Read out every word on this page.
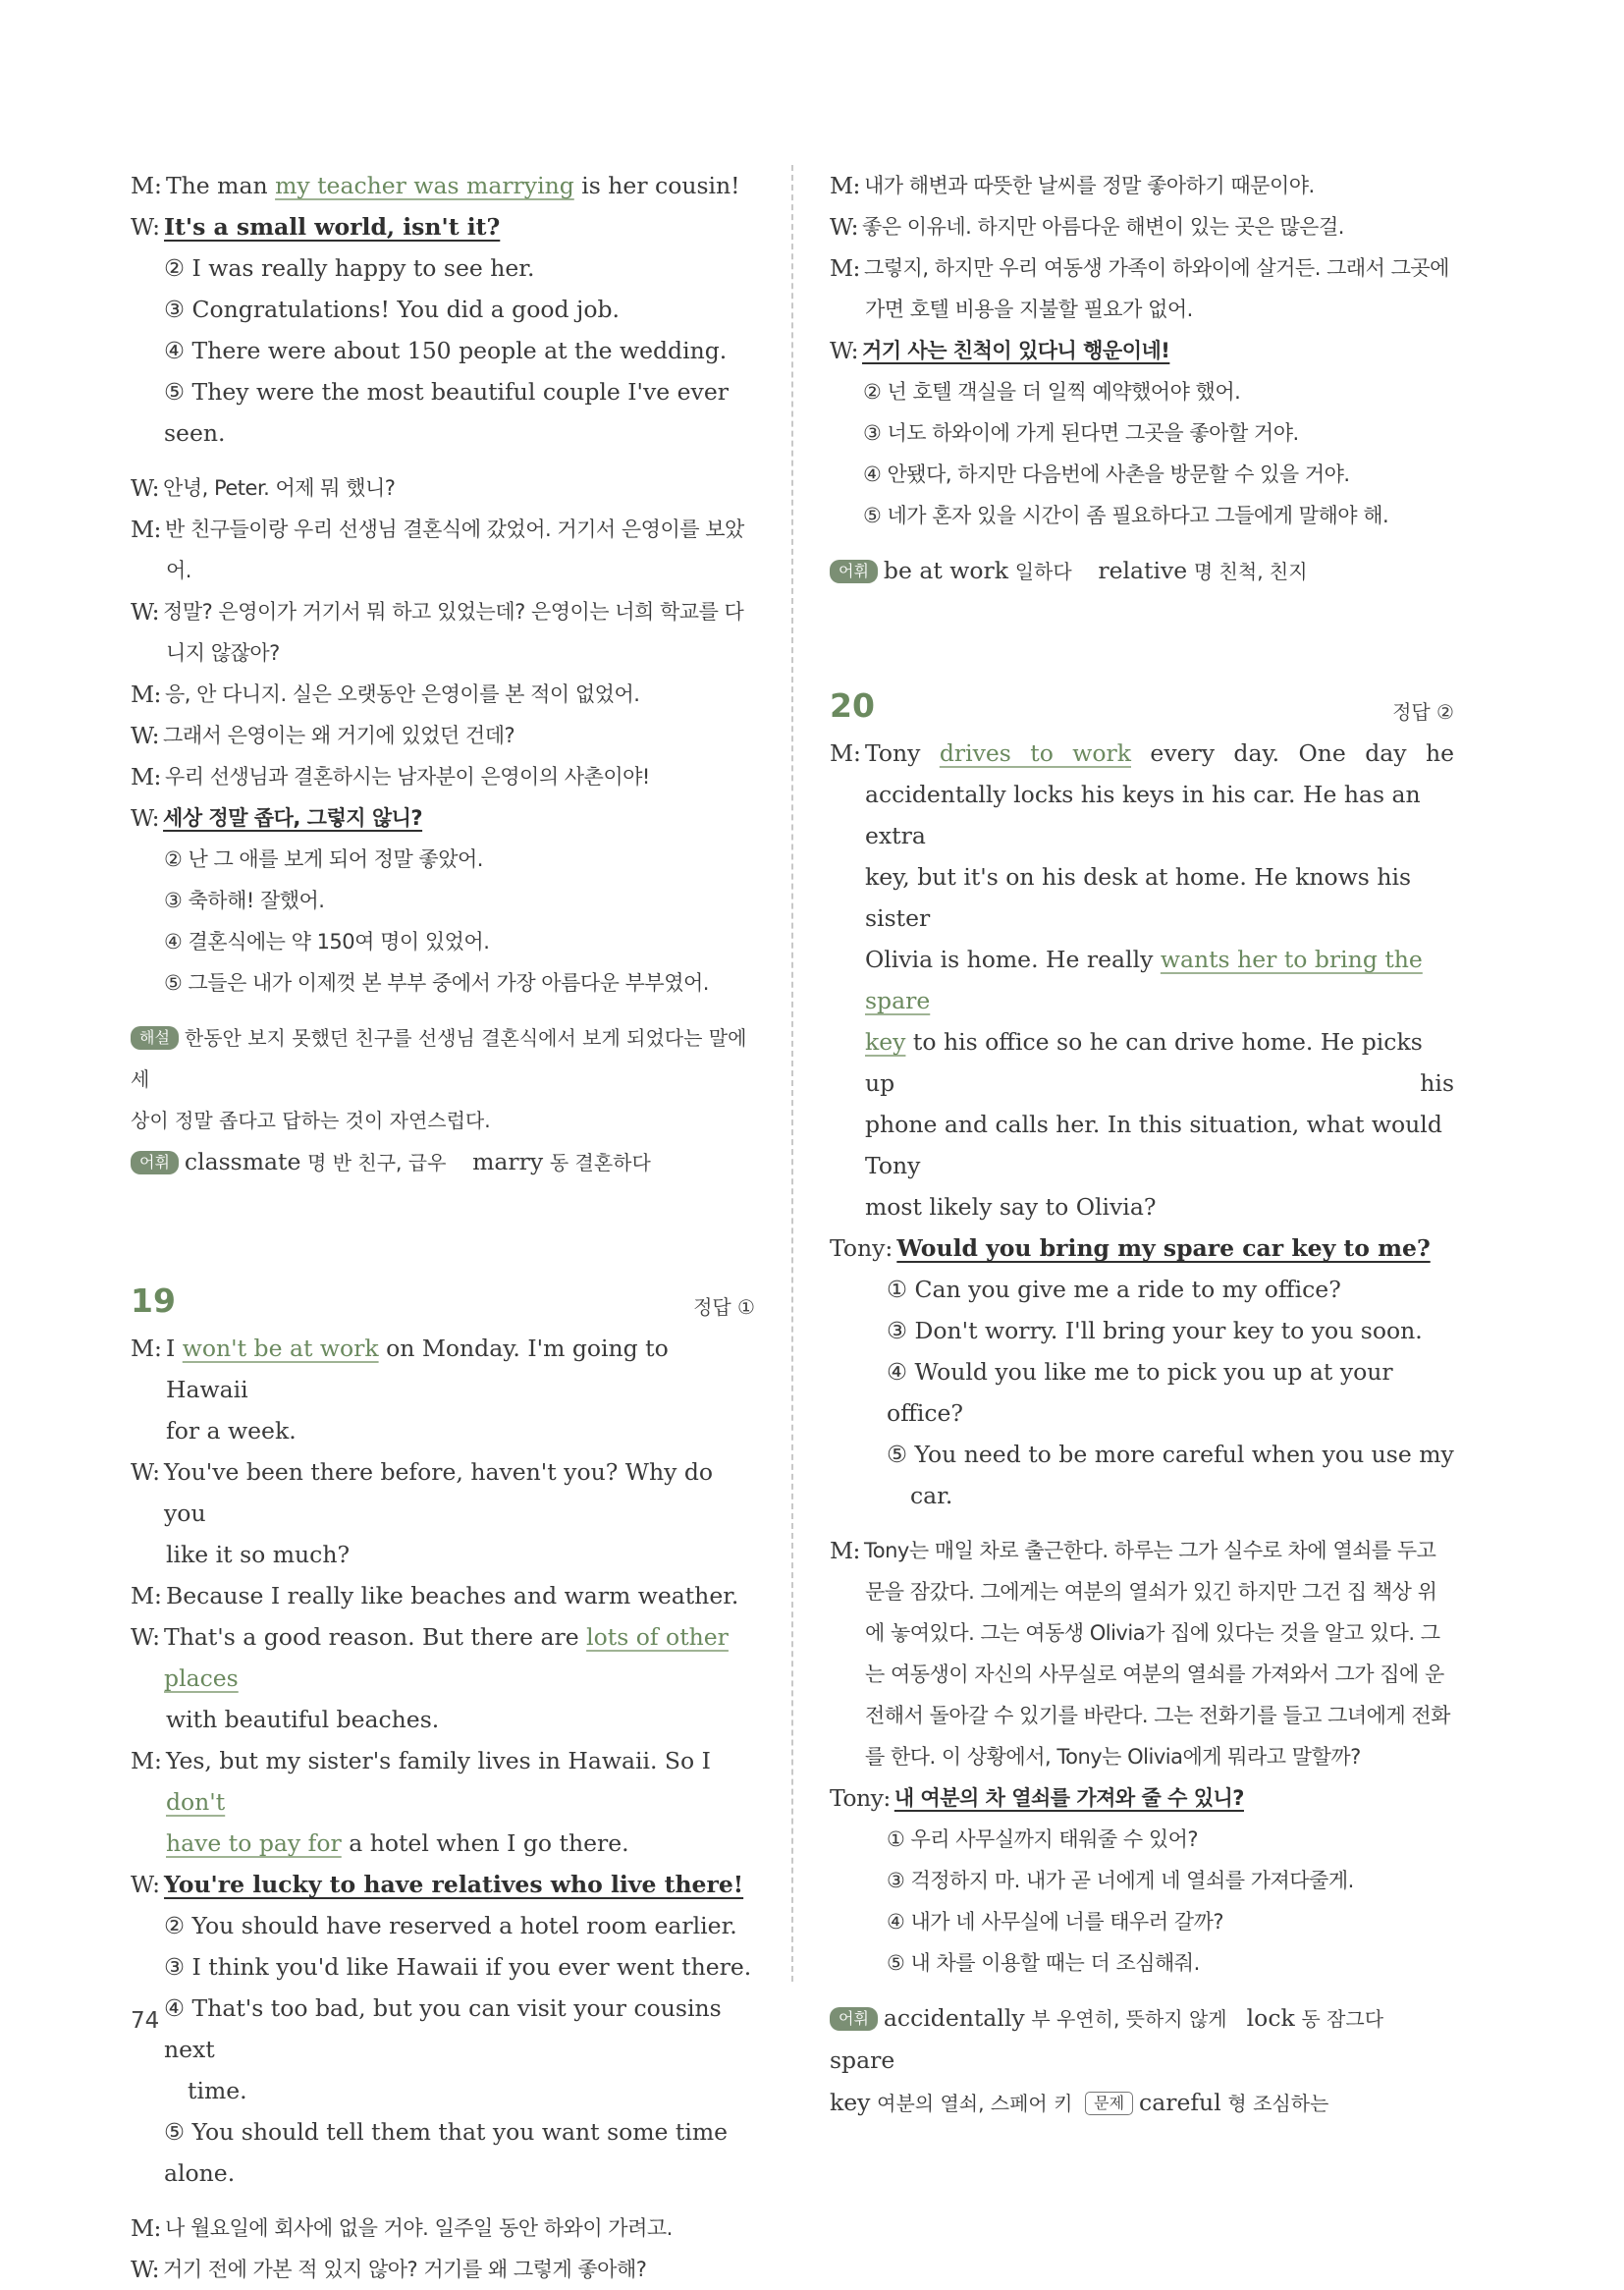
M: The man my teacher was marrying is her cousin!
W: It's a small world, isn't it?
② I was really happy to see her.
③ Congratulations! You did a good job.
④ There were about 150 people at the wedding.
⑤ They were the most beautiful couple I've ever seen.
W: 안녕, Peter. 어제 뭐 했니?
M: 반 친구들이랑 우리 선생님 결혼식에 갔었어. 거기서 은영이를 보았
어.
W: 정말? 은영이가 거기서 뭐 하고 있었는데? 은영이는 너희 학교를 다
니지 않잖아?
M: 응, 안 다니지. 실은 오랫동안 은영이를 본 적이 없었어.
W: 그래서 은영이는 왜 거기에 있었던 건데?
M: 우리 선생님과 결혼하시는 남자분이 은영이의 사촌이야!
W: 세상 정말 좁다, 그렇지 않니?
② 난 그 애를 보게 되어 정말 좋았어.
③ 축하해! 잘했어.
④ 결혼식에는 약 150여 명이 있었어.
⑤ 그들은 내가 이제껏 본 부부 중에서 가장 아름다운 부부였어.
해설 한동안 보지 못했던 친구를 선생님 결혼식에서 보게 되었다는 말에 세
상이 정말 좁다고 답하는 것이 자연스럽다.
어휘 classmate 명 반 친구, 급우 marry 동 결혼하다
19	정답 ①
M: I won't be at work on Monday. I'm going to Hawaii
for a week.
W: You've been there before, haven't you? Why do you
like it so much?
M: Because I really like beaches and warm weather.
W: That's a good reason. But there are lots of other places
with beautiful beaches.
M: Yes, but my sister's family lives in Hawaii. So I don't
have to pay for a hotel when I go there.
W: You're lucky to have relatives who live there!
② You should have reserved a hotel room earlier.
③ I think you'd like Hawaii if you ever went there.
④ That's too bad, but you can visit your cousins next
time.
⑤ You should tell them that you want some time alone.
M: 나 월요일에 회사에 없을 거야. 일주일 동안 하와이 가려고.
W: 거기 전에 가본 적 있지 않아? 거기를 왜 그렇게 좋아해?
M: 내가 해변과 따뜻한 날씨를 정말 좋아하기 때문이야.
W: 좋은 이유네. 하지만 아름다운 해변이 있는 곳은 많은걸.
M: 그렇지, 하지만 우리 여동생 가족이 하와이에 살거든. 그래서 그곳에
가면 호텔 비용을 지불할 필요가 없어.
W: 거기 사는 친척이 있다니 행운이네!
② 넌 호텔 객실을 더 일찍 예약했어야 했어.
③ 너도 하와이에 가게 된다면 그곳을 좋아할 거야.
④ 안됐다, 하지만 다음번에 사촌을 방문할 수 있을 거야.
⑤ 네가 혼자 있을 시간이 좀 필요하다고 그들에게 말해야 해.
어휘 be at work 일하다 relative 명 친척, 친지
20	정답 ②
M: Tony drives to work every day. One day he
accidentally locks his keys in his car. He has an extra
key, but it's on his desk at home. He knows his sister
Olivia is home. He really wants her to bring the spare
key to his office so he can drive home. He picks up his
phone and calls her. In this situation, what would Tony
most likely say to Olivia?
Tony: Would you bring my spare car key to me?
① Can you give me a ride to my office?
③ Don't worry. I'll bring your key to you soon.
④ Would you like me to pick you up at your office?
⑤ You need to be more careful when you use my
car.
M: Tony는 매일 차로 출근한다. 하루는 그가 실수로 차에 열쇠를 두고
문을 잠갔다. 그에게는 여분의 열쇠가 있긴 하지만 그건 집 책상 위
에 놓여있다. 그는 여동생 Olivia가 집에 있다는 것을 알고 있다. 그
는 여동생이 자신의 사무실로 여분의 열쇠를 가져와서 그가 집에 운
전해서 돌아갈 수 있기를 바란다. 그는 전화기를 들고 그녀에게 전화
를 한다. 이 상황에서, Tony는 Olivia에게 뭐라고 말할까?
Tony: 내 여분의 차 열쇠를 가져와 줄 수 있니?
① 우리 사무실까지 태워줄 수 있어?
③ 걱정하지 마. 내가 곧 너에게 네 열쇠를 가져다줄게.
④ 내가 네 사무실에 너를 태우러 갈까?
⑤ 내 차를 이용할 때는 더 조심해줘.
어휘 accidentally 부 우연히, 뜻하지 않게 lock 동 잠그다   spare
key 여분의 열쇠, 스페어 키 문제 careful 형 조심하는
74
